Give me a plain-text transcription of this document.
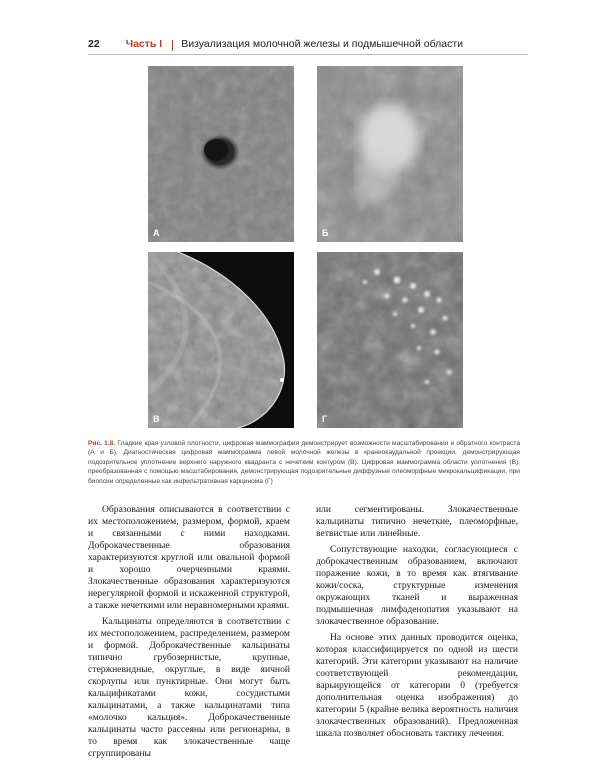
22 Часть I Визуализация молочной железы и подмышечной области
А	Б
В	Г
Рис. 1.8. Гладкие края узловой плотности, цифровая маммография демонстрирует возможности масштабирования и обратного контраста (А и Б). Диагностическая цифровая маммограмма левой молочной железы в краниокаудальной проекции, демонстрирующая подозрительное уплотнение верхнего наружного квадранта с нечетким контуром (В). Цифровая маммограмма области уплотнения (В), преобразованная с помощью масштабирования, демонстрирующая подозрительные диффузные плеоморфные микрокальцификации, при биопсии определенные как инфильтративная карцинома (Г)

Образования описываются в соответствии с их местоположением, размером, формой, краем и связанными с ними находками. Доброкачественные образования характеризуются круглой или овальной формой и хорошо очерченными краями. Злокачественные образования характеризуются нерегулярной формой и искаженной структурой, а также нечеткими или неравномерными краями.

Кальцинаты определяются в соответствии с их местоположением, распределением, размером и формой. Доброкачественные кальцинаты типично грубозернистые, крупные, стержневидные, округлые, в виде яичной скорлупы или пунктирные. Они могут быть кальцификатами кожи, сосудистыми кальцинатами, а также кальцинатами типа «молочко кальция». Доброкачественные кальцинаты часто рассеяны или регионарны, в то время как злокачественные чаще сгруппированы

или сегментированы. Злокачественные кальцинаты типично нечеткие, плеоморфные, ветвистые или линейные.

Сопутствующие находки, согласующиеся с доброкачественным образованием, включают поражение кожи, в то время как втягивание кожи/соска, структурные изменения окружающих тканей и выраженная подмышечная лимфаденопатия указывают на злокачественное образование.

На основе этих данных проводится оценка, которая классифицируется по одной из шести категорий. Эти категории указывают на наличие соответствующей рекомендации, варьирующейся от категории 0 (требуется дополнительная оценка изображения) до категории 5 (крайне велика вероятность наличия злокачественных образований). Предложенная шкала позволяет обосновать тактику лечения.
